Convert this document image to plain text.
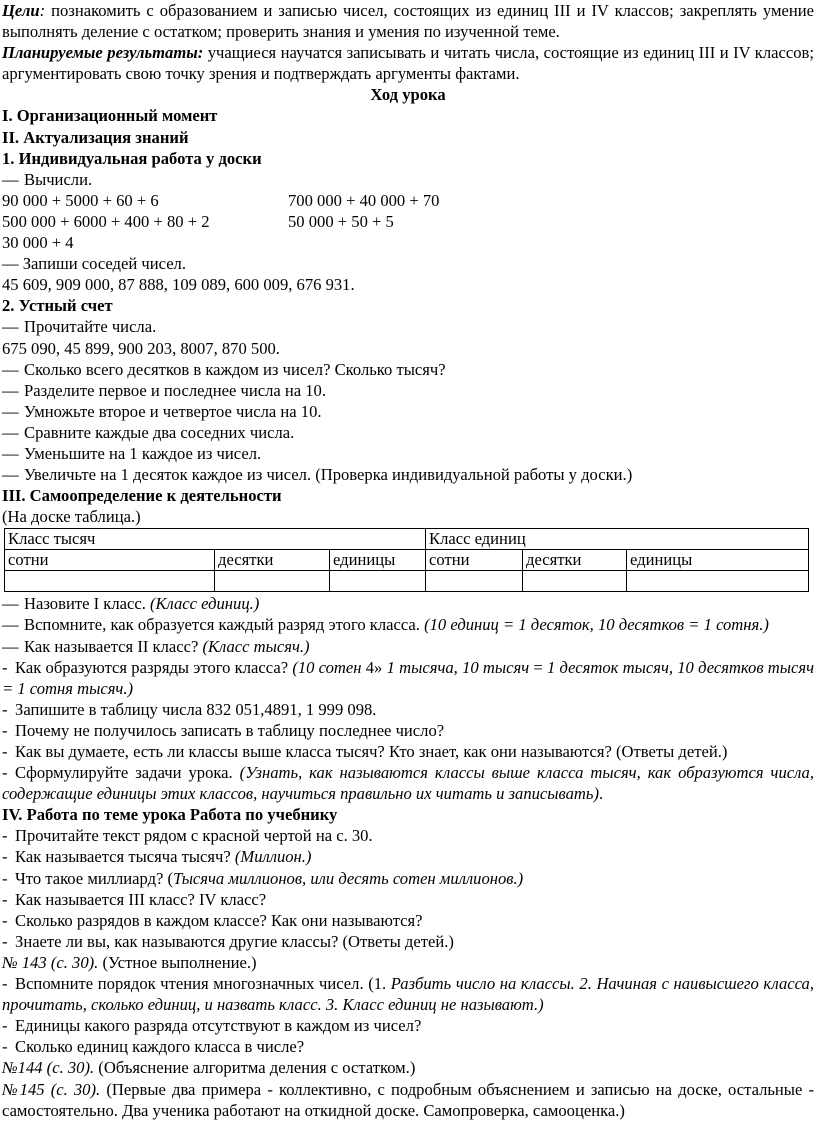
Цели: познакомить с образованием и записью чисел, состоящих из единиц III и IV классов; закреплять умение выполнять деление с остатком; проверить знания и умения по изученной теме.

Планируемые результаты: учащиеся научатся записывать и читать числа, состоящие из единиц III и IV классов; аргументировать свою точку зрения и подтверждать аргументы фактами.

Ход урока

I. Организационный момент

II. Актуализация знаний

1. Индивидуальная работа у доски

— Вычисли.

90 000 + 5000 + 60 + 6	700 000 + 40 000 + 70

500 000 + 6000 + 400 + 80 + 2	50 000 + 50 + 5

30 000 + 4

— Запиши соседей чисел.

45 609, 909 000, 87 888, 109 089, 600 009, 676 931.

2. Устный счет

— Прочитайте числа.

675 090, 45 899, 900 203, 8007, 870 500.

— Сколько всего десятков в каждом из чисел? Сколько тысяч?

— Разделите первое и последнее числа на 10.

— Умножьте второе и четвертое числа на 10.

— Сравните каждые два соседних числа.

— Уменьшите на 1 каждое из чисел.

— Увеличьте на 1 десяток каждое из чисел. (Проверка индивидуальной работы у доски.)

III. Самоопределение к деятельности

(На доске таблица.)

Класс тысяч			Класс единиц		
сотни	десятки	единицы	сотни	десятки	единицы

— Назовите I класс. (Класс единиц.)

— Вспомните, как образуется каждый разряд этого класса. (10 единиц = 1 десяток, 10 десятков = 1 сотня.)

— Как называется II класс? (Класс тысяч.)

- Как образуются разряды этого класса? (10 сотен 4» 1 тысяча, 10 тысяч = 1 десяток тысяч, 10 десятков тысяч = 1 сотня тысяч.)

- Запишите в таблицу числа 832 051,4891, 1 999 098.

- Почему не получилось записать в таблицу последнее число?

- Как вы думаете, есть ли классы выше класса тысяч? Кто знает, как они называются? (Ответы детей.)

- Сформулируйте задачи урока. (Узнать, как называются классы выше класса тысяч, как образуются числа, содержащие единицы этих классов, научиться правильно их читать и записывать).

IV. Работа по теме урока Работа по учебнику

- Прочитайте текст рядом с красной чертой на с. 30.

- Как называется тысяча тысяч? (Миллион.)

- Что такое миллиард? (Тысяча миллионов, или десять сотен миллионов.)

- Как называется III класс? IV класс?

- Сколько разрядов в каждом классе? Как они называются?

- Знаете ли вы, как называются другие классы? (Ответы детей.)

№ 143 (с. 30). (Устное выполнение.)

- Вспомните порядок чтения многозначных чисел. (1. Разбить число на классы. 2. Начиная с наивысшего класса, прочитать, сколько единиц, и назвать класс. 3. Класс единиц не называют.)

- Единицы какого разряда отсутствуют в каждом из чисел?

- Сколько единиц каждого класса в числе?

№144 (с. 30). (Объяснение алгоритма деления с остатком.)

№145 (с. 30). (Первые два примера - коллективно, с подробным объяснением и записью на доске, остальные - самостоятельно. Два ученика работают на откидной доске. Самопроверка, самооценка.)
